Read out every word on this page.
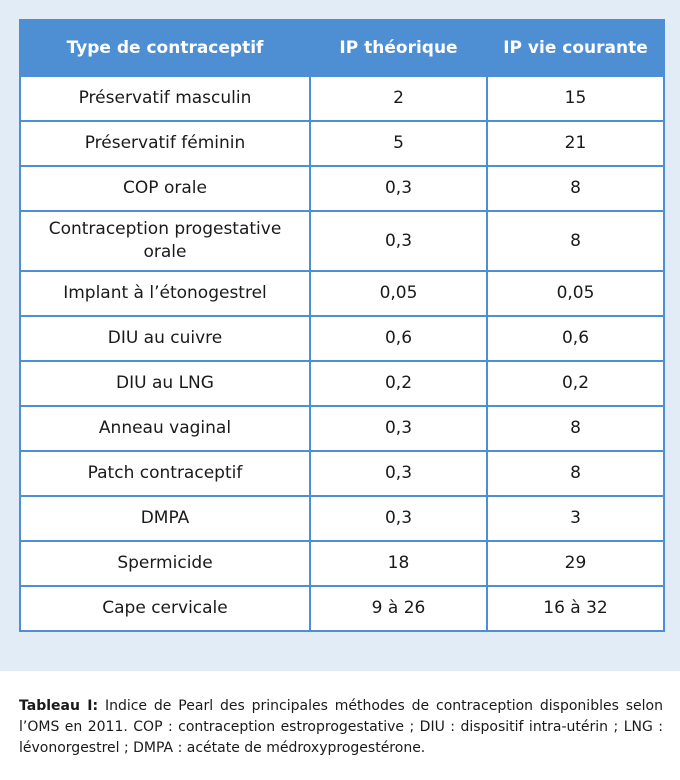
Type de contraceptif	IP théorique	IP vie courante
Préservatif masculin	2	15
Préservatif féminin	5	21
COP orale	0,3	8
Contraception progestative orale	0,3	8
Implant à l’étonogestrel	0,05	0,05
DIU au cuivre	0,6	0,6
DIU au LNG	0,2	0,2
Anneau vaginal	0,3	8
Patch contraceptif	0,3	8
DMPA	0,3	3
Spermicide	18	29
Cape cervicale	9 à 26	16 à 32

Tableau I: Indice de Pearl des principales méthodes de contraception disponibles selon l’OMS en 2011. COP : contraception estroprogestative ; DIU : dispositif intra-utérin ; LNG : lévonorgestrel ; DMPA : acétate de médroxyprogestérone.
